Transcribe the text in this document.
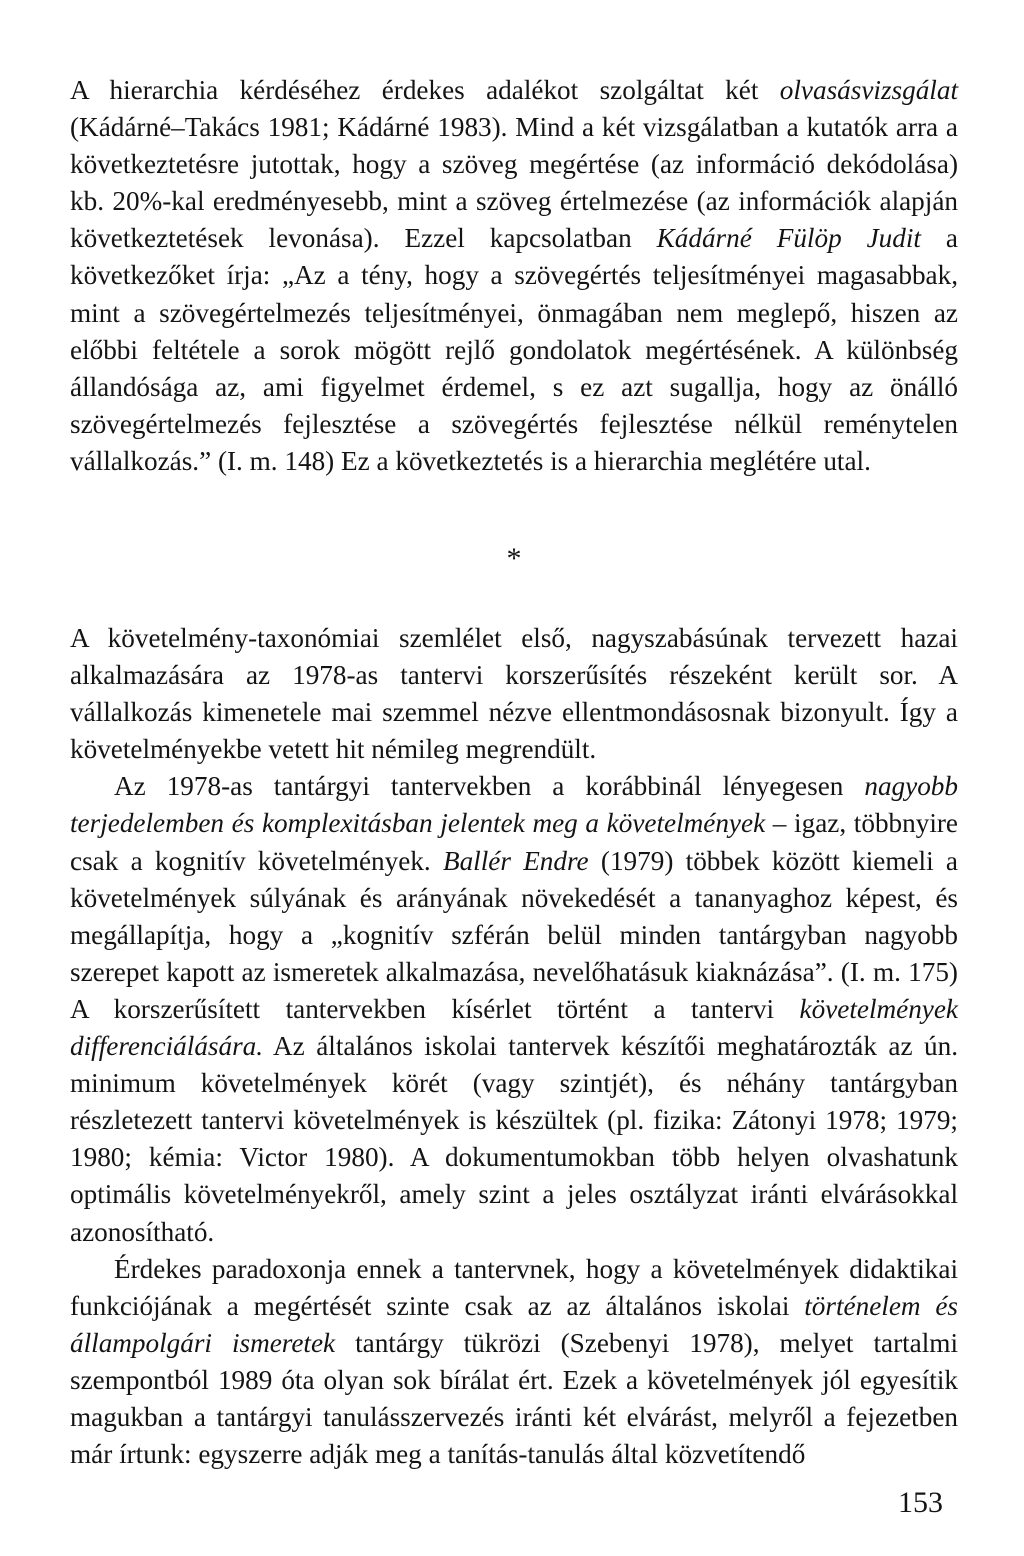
A hierarchia kérdéséhez érdekes adalékot szolgáltat két olvasásvizsgálat (Kádárné–Takács 1981; Kádárné 1983). Mind a két vizsgálatban a kutatók arra a következtetésre jutottak, hogy a szöveg megértése (az információ dekódolása) kb. 20%-kal eredményesebb, mint a szöveg értelmezése (az információk alapján következtetések levonása). Ezzel kapcsolatban Kádárné Fülöp Judit a következőket írja: „Az a tény, hogy a szövegértés teljesítményei magasabbak, mint a szövegértelmezés teljesítményei, önmagában nem meglepő, hiszen az előbbi feltétele a sorok mögött rejlő gondolatok megértésének. A különbség állandósága az, ami figyelmet érdemel, s ez azt sugallja, hogy az önálló szövegértelmezés fejlesztése a szövegértés fejlesztése nélkül reménytelen vállalkozás.” (I. m. 148) Ez a következtetés is a hierarchia meglétére utal.

*

A követelmény-taxonómiai szemlélet első, nagyszabásúnak tervezett hazai alkalmazására az 1978-as tantervi korszerűsítés részeként került sor. A vállalkozás kimenetele mai szemmel nézve ellentmondásosnak bizonyult. Így a követelményekbe vetett hit némileg megrendült.

Az 1978-as tantárgyi tantervekben a korábbinál lényegesen nagyobb terjedelemben és komplexitásban jelentek meg a követelmények – igaz, többnyire csak a kognitív követelmények. Ballér Endre (1979) többek között kiemeli a követelmények súlyának és arányának növekedését a tananyaghoz képest, és megállapítja, hogy a „kognitív szférán belül minden tantárgyban nagyobb szerepet kapott az ismeretek alkalmazása, nevelőhatásuk kiaknázása”. (I. m. 175) A korszerűsített tantervekben kísérlet történt a tantervi követelmények differenciálására. Az általános iskolai tantervek készítői meghatározták az ún. minimum követelmények körét (vagy szintjét), és néhány tantárgyban részletezett tantervi követelmények is készültek (pl. fizika: Zátonyi 1978; 1979; 1980; kémia: Victor 1980). A dokumentumokban több helyen olvashatunk optimális követelményekről, amely szint a jeles osztályzat iránti elvárásokkal azonosítható.

Érdekes paradoxonja ennek a tantervnek, hogy a követelmények didaktikai funkciójának a megértését szinte csak az az általános iskolai történelem és állampolgári ismeretek tantárgy tükrözi (Szebenyi 1978), melyet tartalmi szempontból 1989 óta olyan sok bírálat ért. Ezek a követelmények jól egyesítik magukban a tantárgyi tanulásszervezés iránti két elvárást, melyről a fejezetben már írtunk: egyszerre adják meg a tanítás-tanulás által közvetítendő

153
